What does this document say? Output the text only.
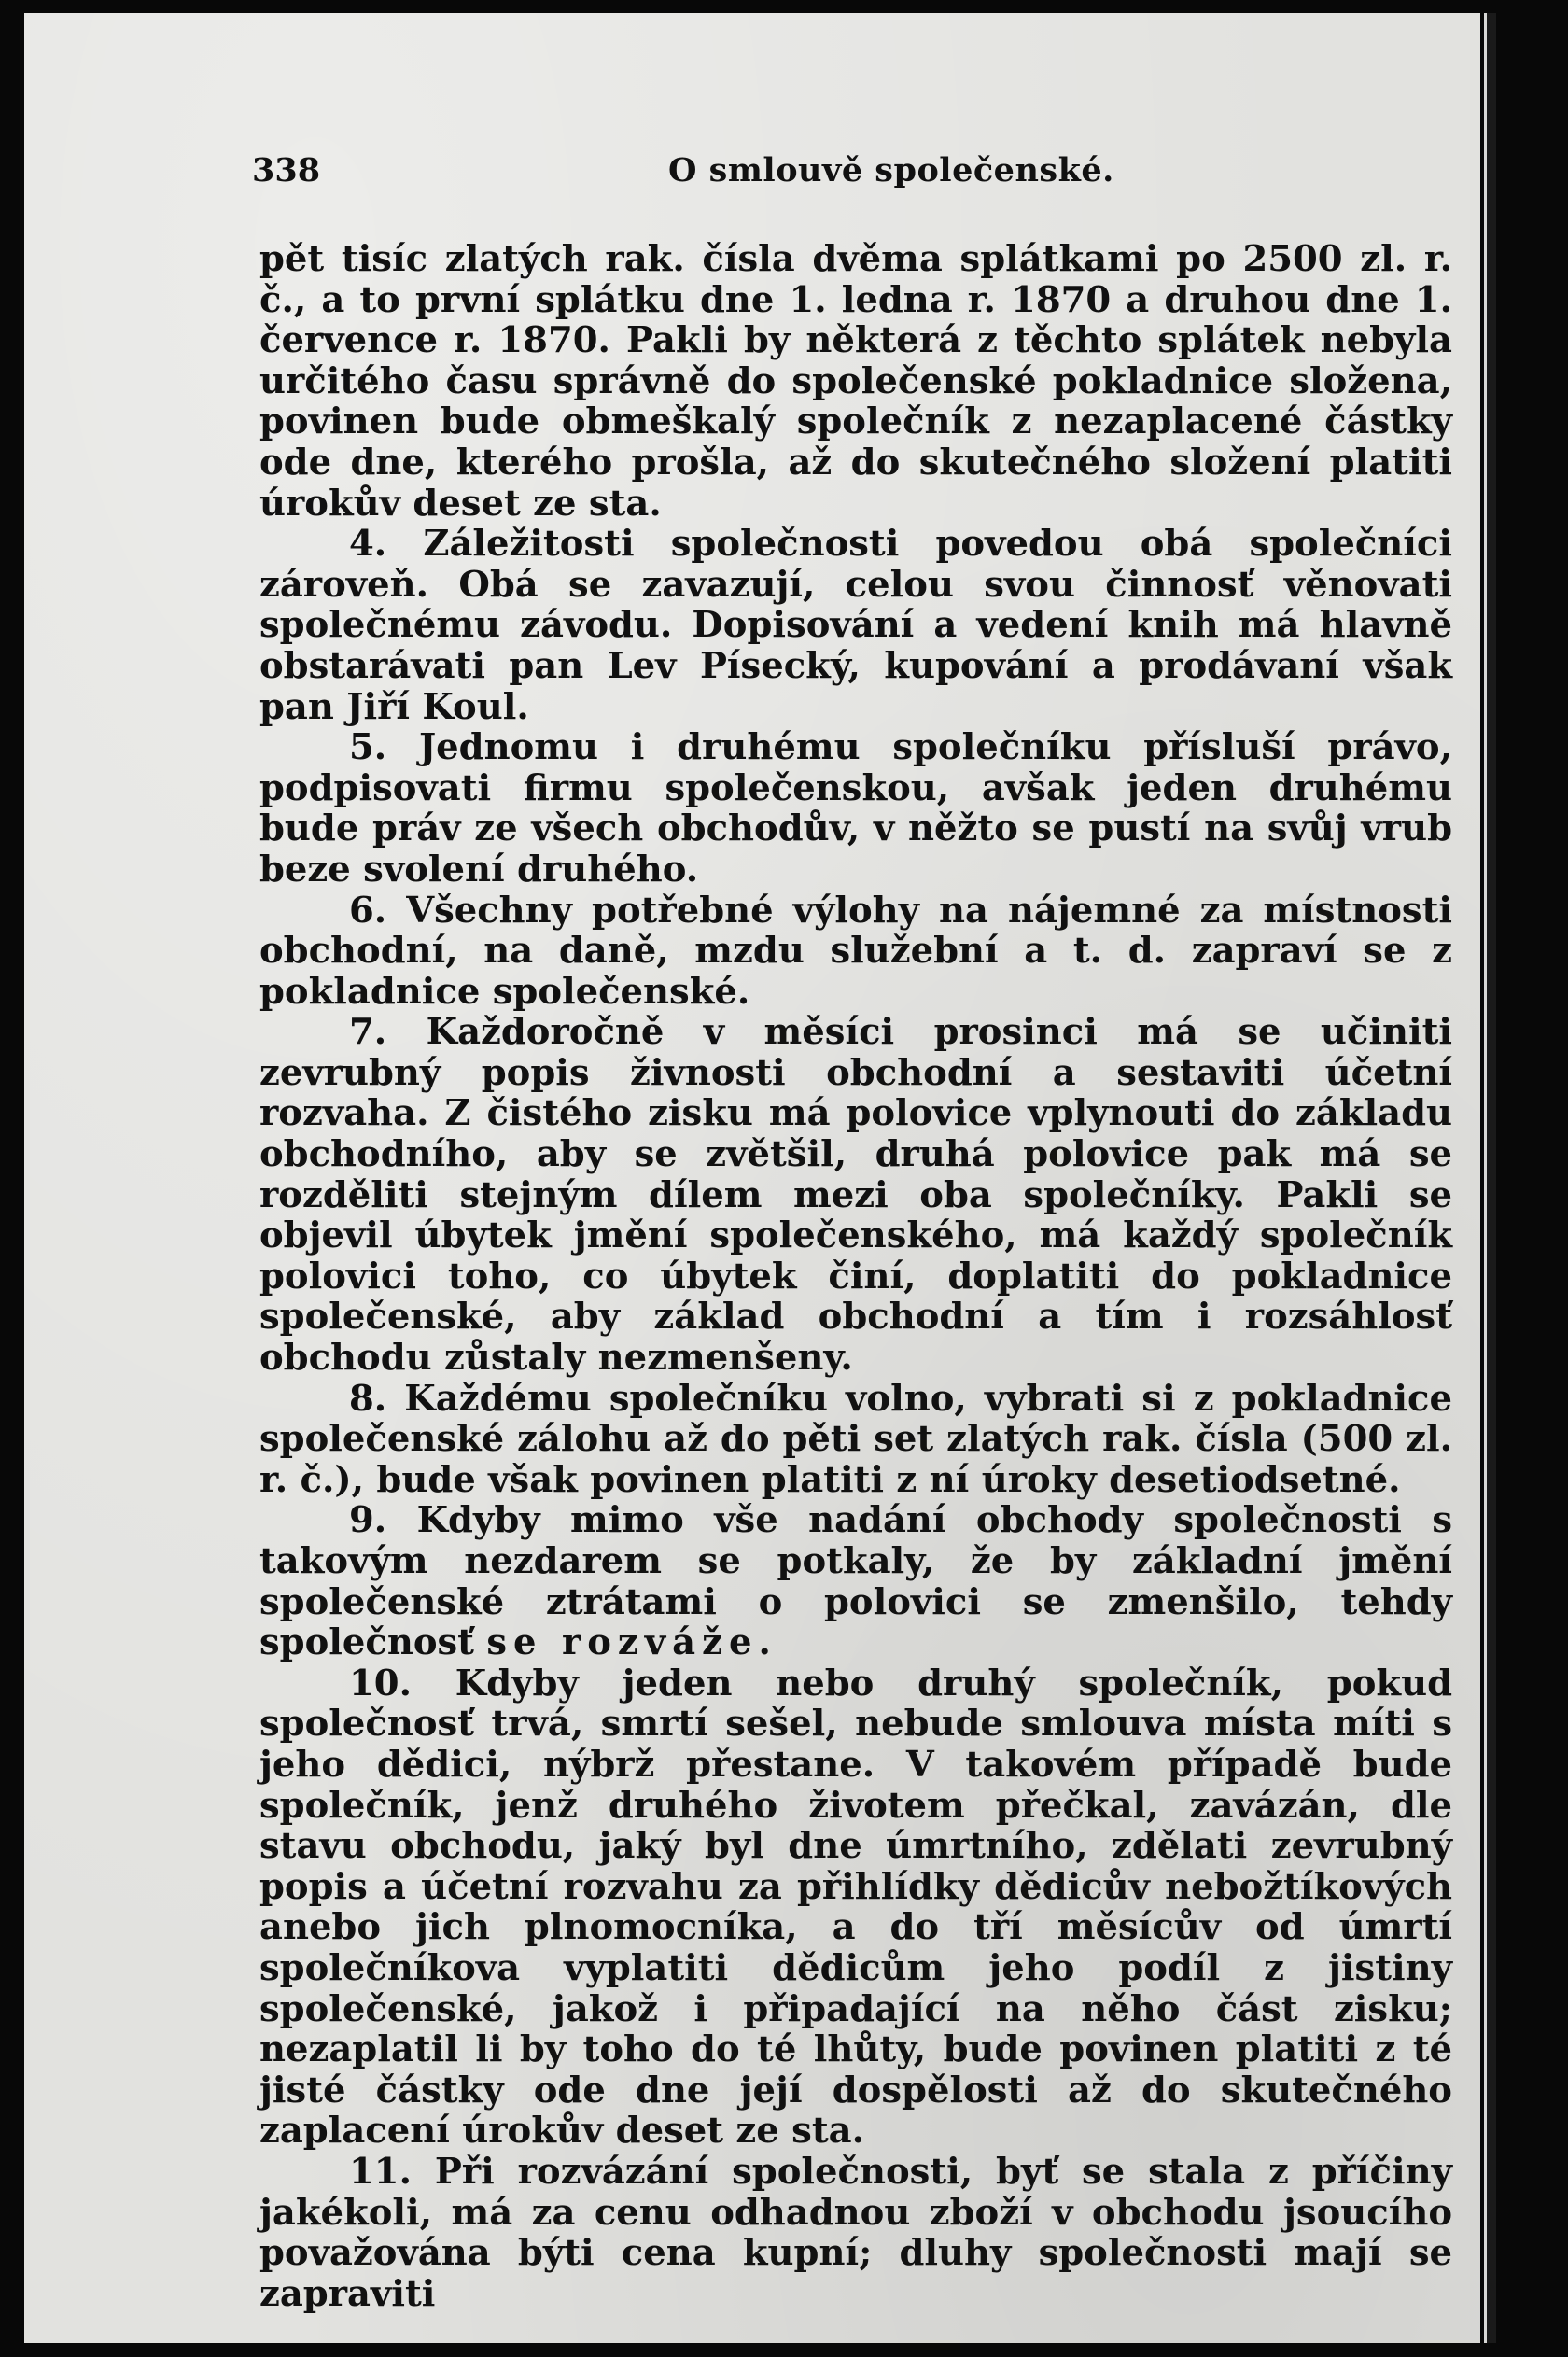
338	O smlouvě společenské.

pět tisíc zlatých rak. čísla dvěma splátkami po 2500 zl. r. č., a to první splátku dne 1. ledna r. 1870 a druhou dne 1. července r. 1870. Pakli by některá z těchto splátek nebyla určitého času správně do společenské pokladnice složena, povinen bude obmeškalý společník z nezaplacené částky ode dne, kterého prošla, až do skutečného složení platiti úrokův deset ze sta.

4. Záležitosti společnosti povedou obá společníci zároveň. Obá se zavazují, celou svou činnosť věnovati společnému závodu. Dopisování a vedení knih má hlavně obstarávati pan Lev Písecký, kupování a prodávaní však pan Jiří Koul.

5. Jednomu i druhému společníku přísluší právo, podpisovati firmu společenskou, avšak jeden druhému bude práv ze všech obchodův, v něžto se pustí na svůj vrub beze svolení druhého.

6. Všechny potřebné výlohy na nájemné za místnosti obchodní, na daně, mzdu služební a t. d. zapraví se z pokladnice společenské.

7. Každoročně v měsíci prosinci má se učiniti zevrubný popis živnosti obchodní a sestaviti účetní rozvaha. Z čistého zisku má polovice vplynouti do základu obchodního, aby se zvětšil, druhá polovice pak má se rozděliti stejným dílem mezi oba společníky. Pakli se objevil úbytek jmění společenského, má každý společník polovici toho, co úbytek činí, doplatiti do pokladnice společenské, aby základ obchodní a tím i rozsáhlosť obchodu zůstaly nezmenšeny.

8. Každému společníku volno, vybrati si z pokladnice společenské zálohu až do pěti set zlatých rak. čísla (500 zl. r. č.), bude však povinen platiti z ní úroky desetiodsetné.

9. Kdyby mimo vše nadání obchody společnosti s takovým nezdarem se potkaly, že by základní jmění společenské ztrátami o polovici se zmenšilo, tehdy společnosť se rozváže.

10. Kdyby jeden nebo druhý společník, pokud společnosť trvá, smrtí sešel, nebude smlouva místa míti s jeho dědici, nýbrž přestane. V takovém případě bude společník, jenž druhého životem přečkal, zavázán, dle stavu obchodu, jaký byl dne úmrtního, zdělati zevrubný popis a účetní rozvahu za přihlídky dědicův nebožtíkových anebo jich plnomocníka, a do tří měsícův od úmrtí společníkova vyplatiti dědicům jeho podíl z jistiny společenské, jakož i připadající na něho část zisku; nezaplatil li by toho do té lhůty, bude povinen platiti z té jisté částky ode dne její dospělosti až do skutečného zaplacení úrokův deset ze sta.

11. Při rozvázání společnosti, byť se stala z příčiny jakékoli, má za cenu odhadnou zboží v obchodu jsoucího považována býti cena kupní; dluhy společnosti mají se zapraviti
